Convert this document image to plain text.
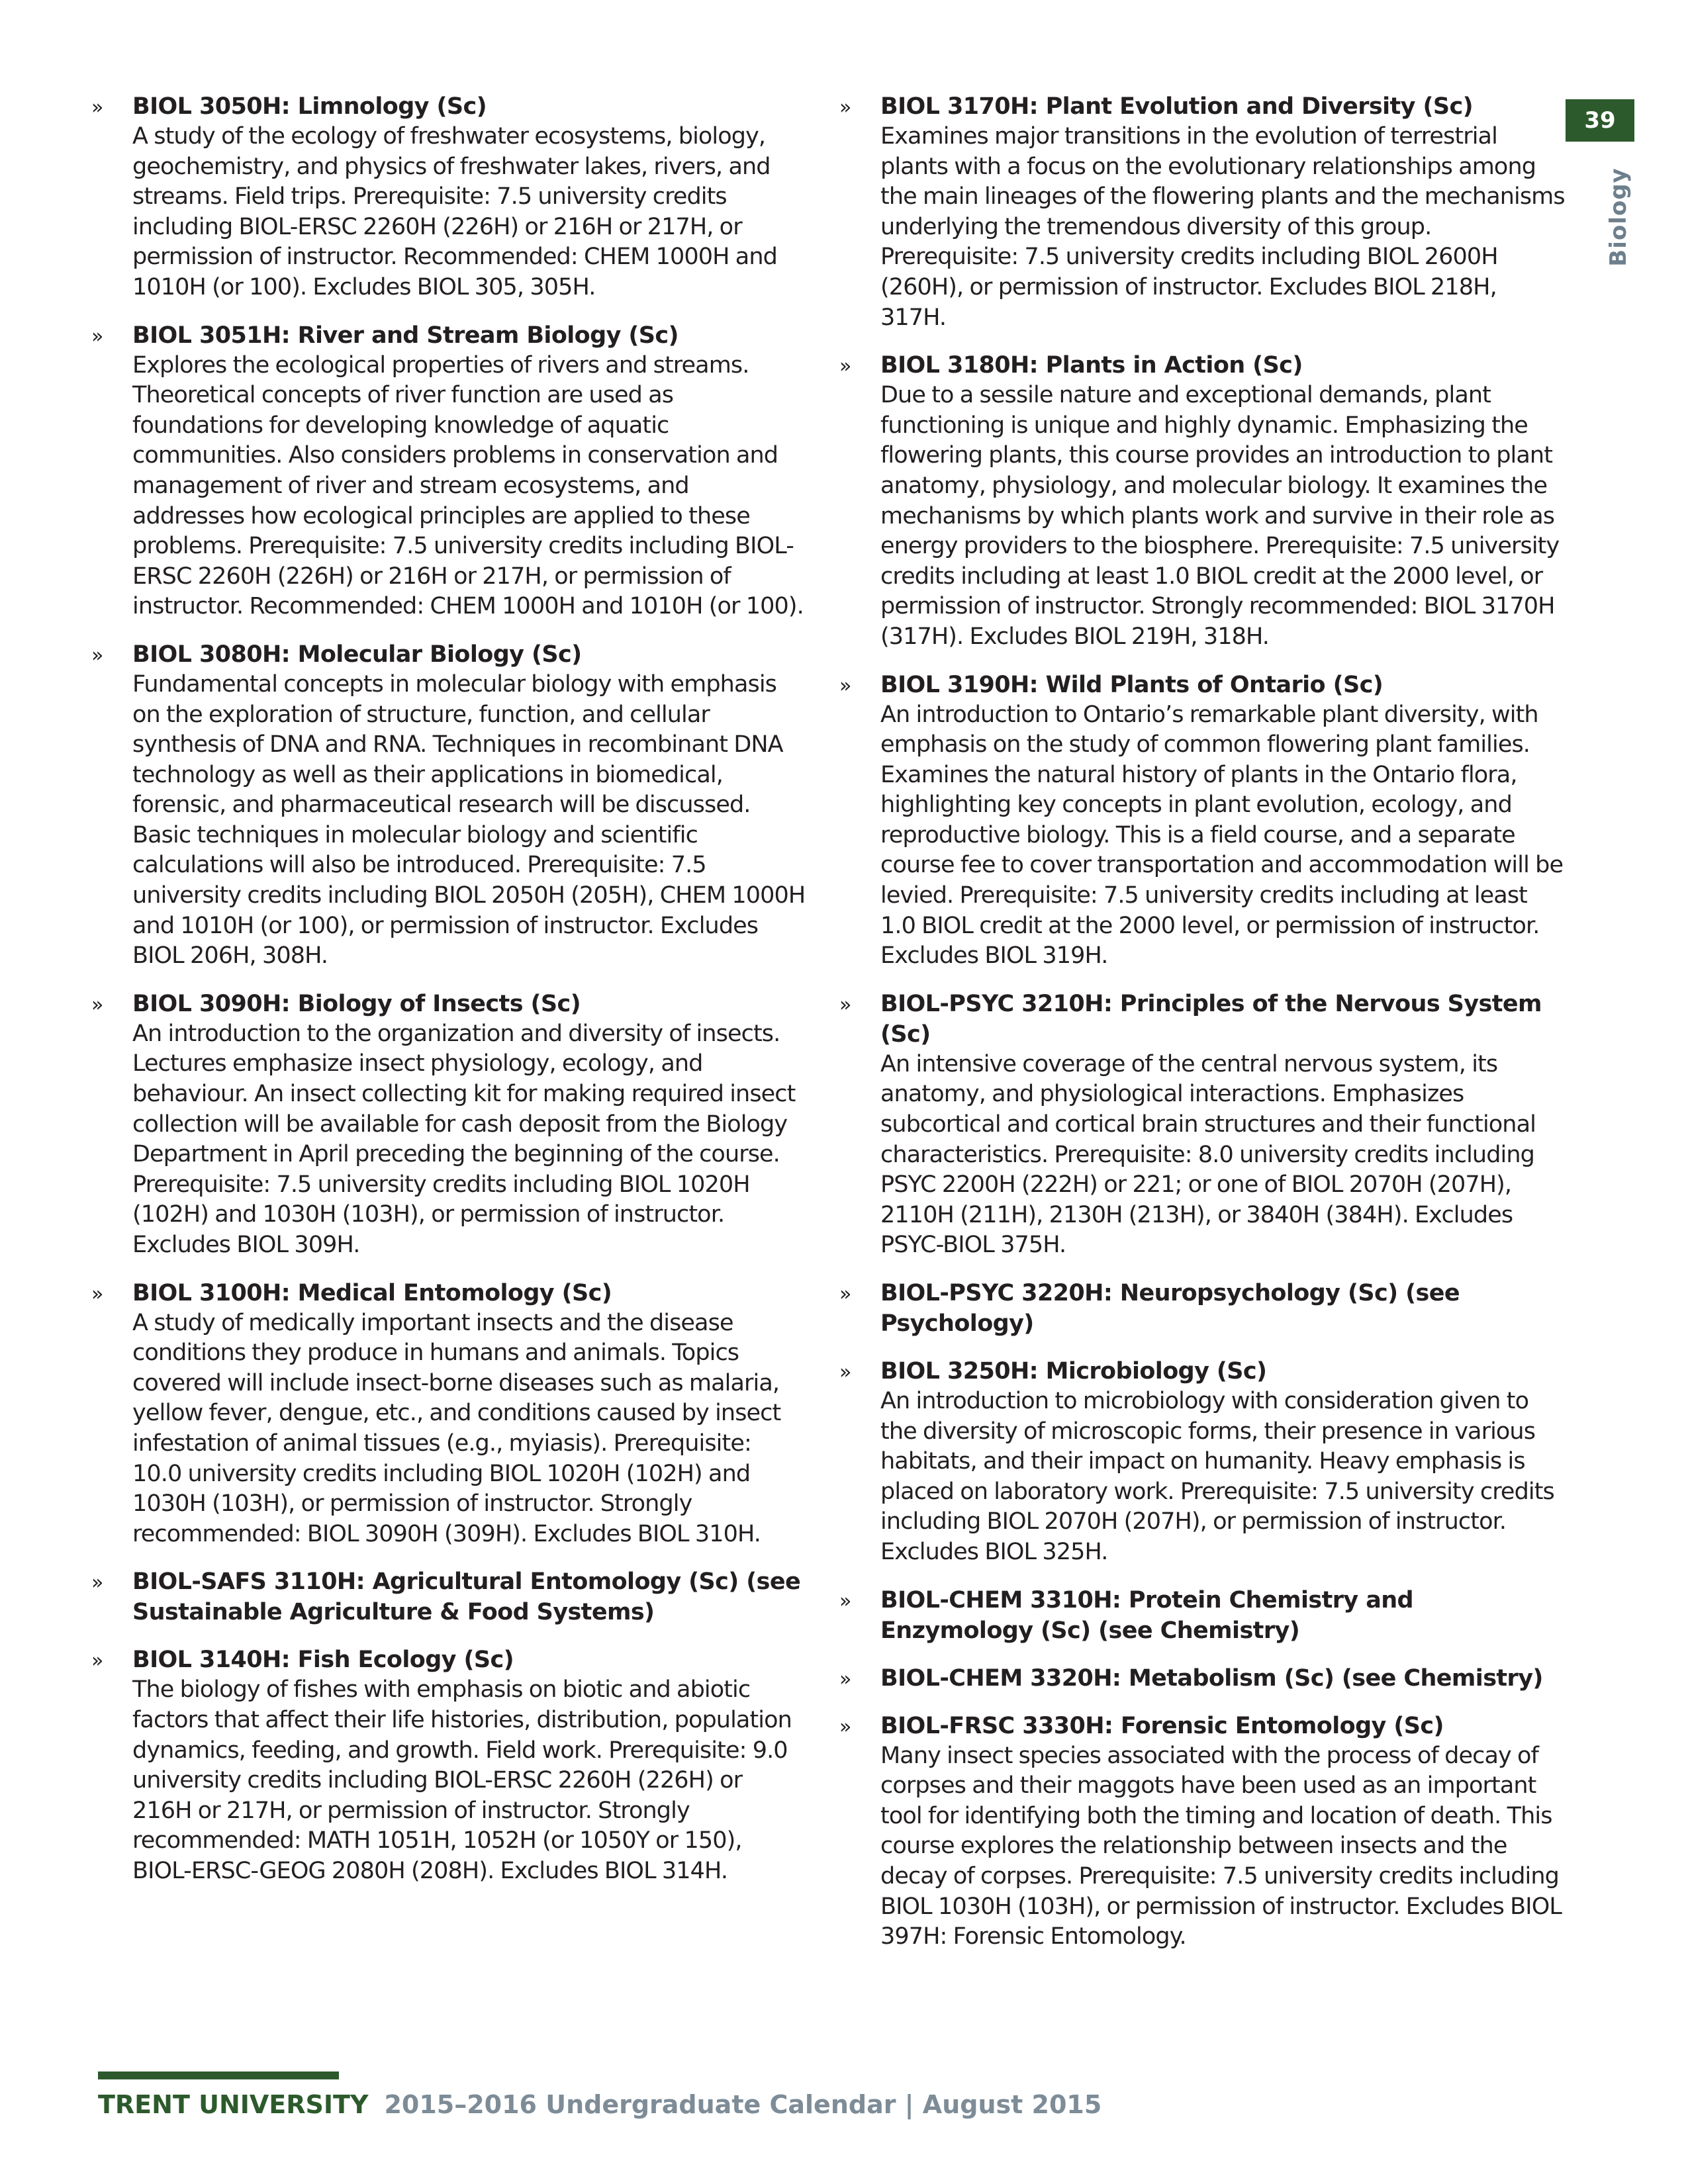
» BIOL 3050H: Limnology (Sc)

A study of the ecology of freshwater ecosystems, biology, geochemistry, and physics of freshwater lakes, rivers, and streams. Field trips. Prerequisite: 7.5 university credits including BIOL-ERSC 2260H (226H) or 216H or 217H, or permission of instructor. Recommended: CHEM 1000H and 1010H (or 100). Excludes BIOL 305, 305H.

» BIOL 3051H: River and Stream Biology (Sc)

Explores the ecological properties of rivers and streams. Theoretical concepts of river function are used as foundations for developing knowledge of aquatic communities. Also considers problems in conservation and management of river and stream ecosystems, and addresses how ecological principles are applied to these problems. Prerequisite: 7.5 university credits including BIOL-ERSC 2260H (226H) or 216H or 217H, or permission of instructor. Recommended: CHEM 1000H and 1010H (or 100).

» BIOL 3080H: Molecular Biology (Sc)

Fundamental concepts in molecular biology with emphasis on the exploration of structure, function, and cellular synthesis of DNA and RNA. Techniques in recombinant DNA technology as well as their applications in biomedical, forensic, and pharmaceutical research will be discussed. Basic techniques in molecular biology and scientific calculations will also be introduced. Prerequisite: 7.5 university credits including BIOL 2050H (205H), CHEM 1000H and 1010H (or 100), or permission of instructor. Excludes BIOL 206H, 308H.

» BIOL 3090H: Biology of Insects (Sc)

An introduction to the organization and diversity of insects. Lectures emphasize insect physiology, ecology, and behaviour. An insect collecting kit for making required insect collection will be available for cash deposit from the Biology Department in April preceding the beginning of the course. Prerequisite: 7.5 university credits including BIOL 1020H (102H) and 1030H (103H), or permission of instructor. Excludes BIOL 309H.

» BIOL 3100H: Medical Entomology (Sc)

A study of medically important insects and the disease conditions they produce in humans and animals. Topics covered will include insect-borne diseases such as malaria, yellow fever, dengue, etc., and conditions caused by insect infestation of animal tissues (e.g., myiasis). Prerequisite: 10.0 university credits including BIOL 1020H (102H) and 1030H (103H), or permission of instructor. Strongly recommended: BIOL 3090H (309H). Excludes BIOL 310H.

» BIOL-SAFS 3110H: Agricultural Entomology (Sc) (see Sustainable Agriculture & Food Systems)

» BIOL 3140H: Fish Ecology (Sc)

The biology of fishes with emphasis on biotic and abiotic factors that affect their life histories, distribution, population dynamics, feeding, and growth. Field work. Prerequisite: 9.0 university credits including BIOL-ERSC 2260H (226H) or 216H or 217H, or permission of instructor. Strongly recommended: MATH 1051H, 1052H (or 1050Y or 150), BIOL-ERSC-GEOG 2080H (208H). Excludes BIOL 314H.

» BIOL 3170H: Plant Evolution and Diversity (Sc)

Examines major transitions in the evolution of terrestrial plants with a focus on the evolutionary relationships among the main lineages of the flowering plants and the mechanisms underlying the tremendous diversity of this group. Prerequisite: 7.5 university credits including BIOL 2600H (260H), or permission of instructor. Excludes BIOL 218H, 317H.

» BIOL 3180H: Plants in Action (Sc)

Due to a sessile nature and exceptional demands, plant functioning is unique and highly dynamic. Emphasizing the flowering plants, this course provides an introduction to plant anatomy, physiology, and molecular biology. It examines the mechanisms by which plants work and survive in their role as energy providers to the biosphere. Prerequisite: 7.5 university credits including at least 1.0 BIOL credit at the 2000 level, or permission of instructor. Strongly recommended: BIOL 3170H (317H). Excludes BIOL 219H, 318H.

» BIOL 3190H: Wild Plants of Ontario (Sc)

An introduction to Ontario’s remarkable plant diversity, with emphasis on the study of common flowering plant families. Examines the natural history of plants in the Ontario flora, highlighting key concepts in plant evolution, ecology, and reproductive biology. This is a field course, and a separate course fee to cover transportation and accommodation will be levied. Prerequisite: 7.5 university credits including at least 1.0 BIOL credit at the 2000 level, or permission of instructor. Excludes BIOL 319H.

» BIOL-PSYC 3210H: Principles of the Nervous System (Sc)

An intensive coverage of the central nervous system, its anatomy, and physiological interactions. Emphasizes subcortical and cortical brain structures and their functional characteristics. Prerequisite: 8.0 university credits including PSYC 2200H (222H) or 221; or one of BIOL 2070H (207H), 2110H (211H), 2130H (213H), or 3840H (384H). Excludes PSYC-BIOL 375H.

» BIOL-PSYC 3220H: Neuropsychology (Sc) (see Psychology)

» BIOL 3250H: Microbiology (Sc)

An introduction to microbiology with consideration given to the diversity of microscopic forms, their presence in various habitats, and their impact on humanity. Heavy emphasis is placed on laboratory work. Prerequisite: 7.5 university credits including BIOL 2070H (207H), or permission of instructor. Excludes BIOL 325H.

» BIOL-CHEM 3310H: Protein Chemistry and Enzymology (Sc) (see Chemistry)

» BIOL-CHEM 3320H: Metabolism (Sc) (see Chemistry)

» BIOL-FRSC 3330H: Forensic Entomology (Sc)

Many insect species associated with the process of decay of corpses and their maggots have been used as an important tool for identifying both the timing and location of death. This course explores the relationship between insects and the decay of corpses. Prerequisite: 7.5 university credits including BIOL 1030H (103H), or permission of instructor. Excludes BIOL 397H: Forensic Entomology.

39
Biology
TRENT UNIVERSITY 2015–2016 Undergraduate Calendar | August 2015
